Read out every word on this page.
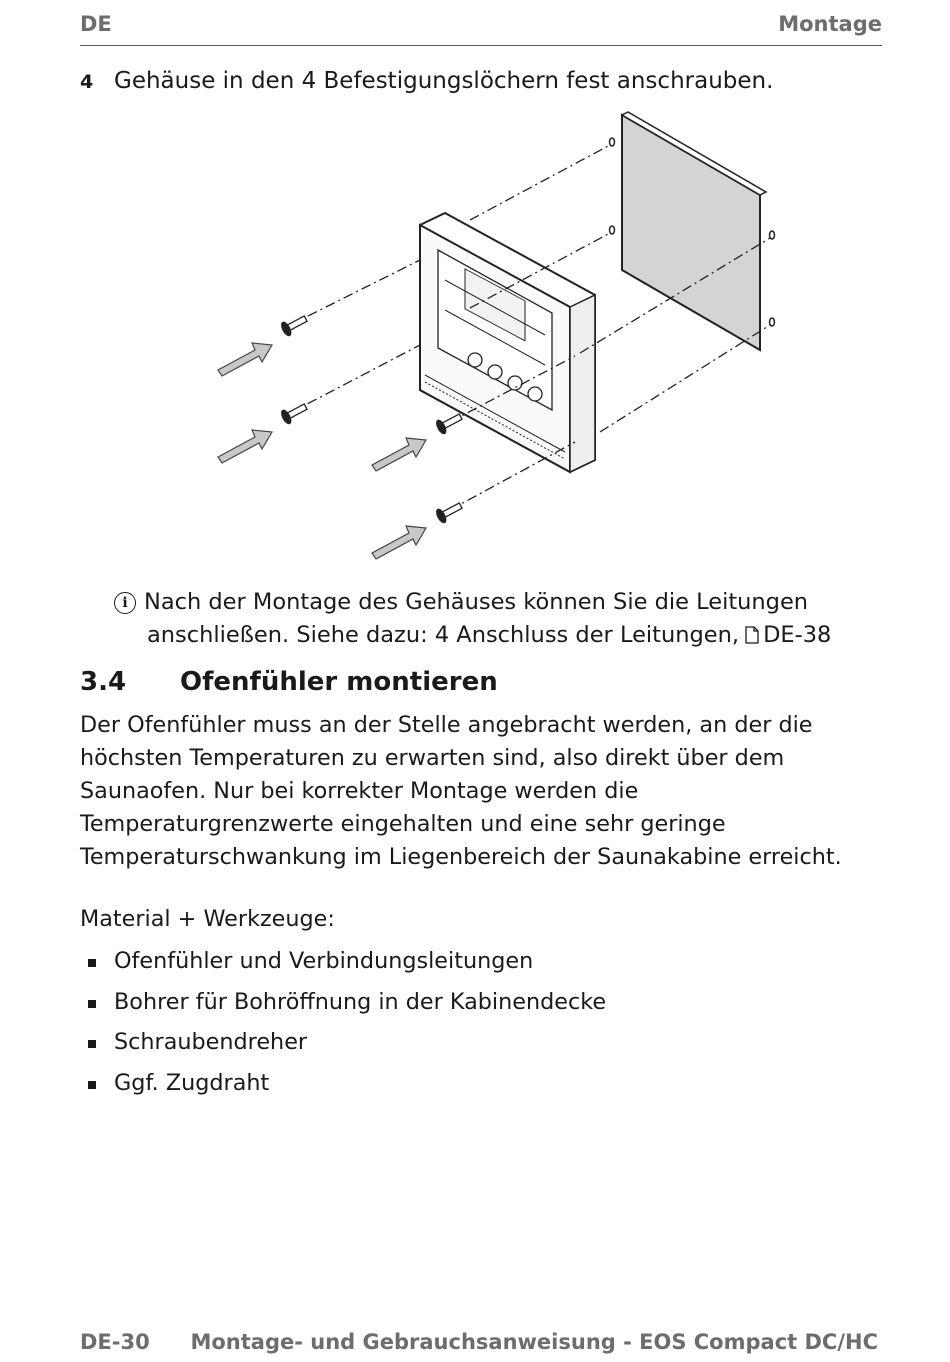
DE	Montage
4 Gehäuse in den 4 Befestigungslöchern fest anschrauben.
i Nach der Montage des Gehäuses können Sie die Leitungen
anschließen. Siehe dazu: 4 Anschluss der Leitungen, DE-38
3.4 Ofenfühler montieren
Der Ofenfühler muss an der Stelle angebracht werden, an der die höchsten Temperaturen zu erwarten sind, also direkt über dem Saunaofen. Nur bei korrekter Montage werden die Temperaturgrenzwerte eingehalten und eine sehr geringe Temperaturschwankung im Liegenbereich der Saunakabine erreicht.
Material + Werkzeuge:
Ofenfühler und Verbindungsleitungen
Bohrer für Bohröffnung in der Kabinendecke
Schraubendreher
Ggf. Zugdraht
DE-30 Montage- und Gebrauchsanweisung - EOS Compact DC/HC
